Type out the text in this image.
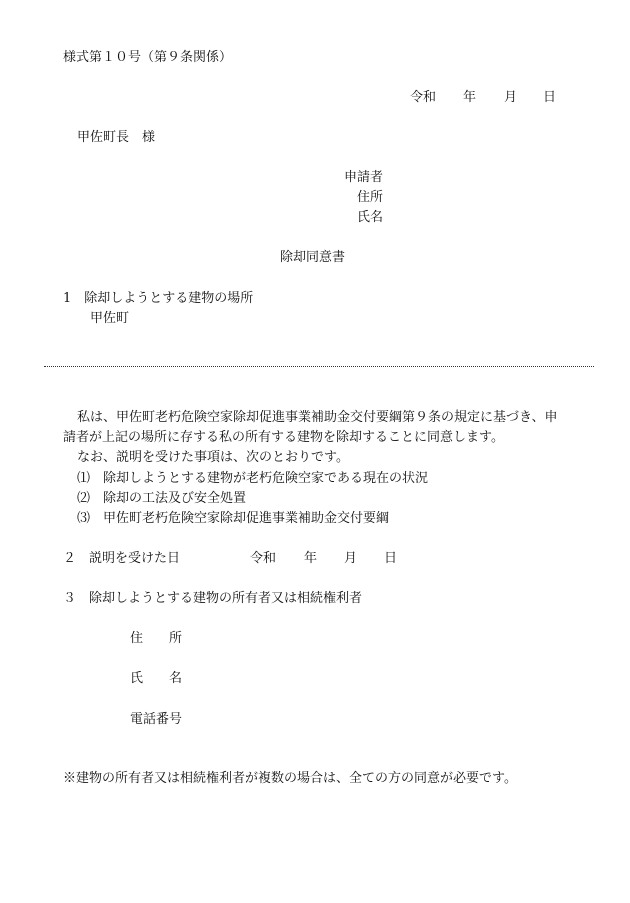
様式第１０号（第９条関係）
令和 年 月 日
甲佐町長　様
申請者
住所
氏名
除却同意書
1　除却しようとする建物の場所
甲佐町
私は、甲佐町老朽危険空家除却促進事業補助金交付要綱第９条の規定に基づき、申
請者が上記の場所に存する私の所有する建物を除却することに同意します。
なお、説明を受けた事項は、次のとおりです。
⑴　除却しようとする建物が老朽危険空家である現在の状況
⑵　除却の工法及び安全処置
⑶　甲佐町老朽危険空家除却促進事業補助金交付要綱
２　説明を受けた日	令和 年 月 日
３　除却しようとする建物の所有者又は相続権利者
住　　所
氏　　名
電話番号
※建物の所有者又は相続権利者が複数の場合は、全ての方の同意が必要です。
